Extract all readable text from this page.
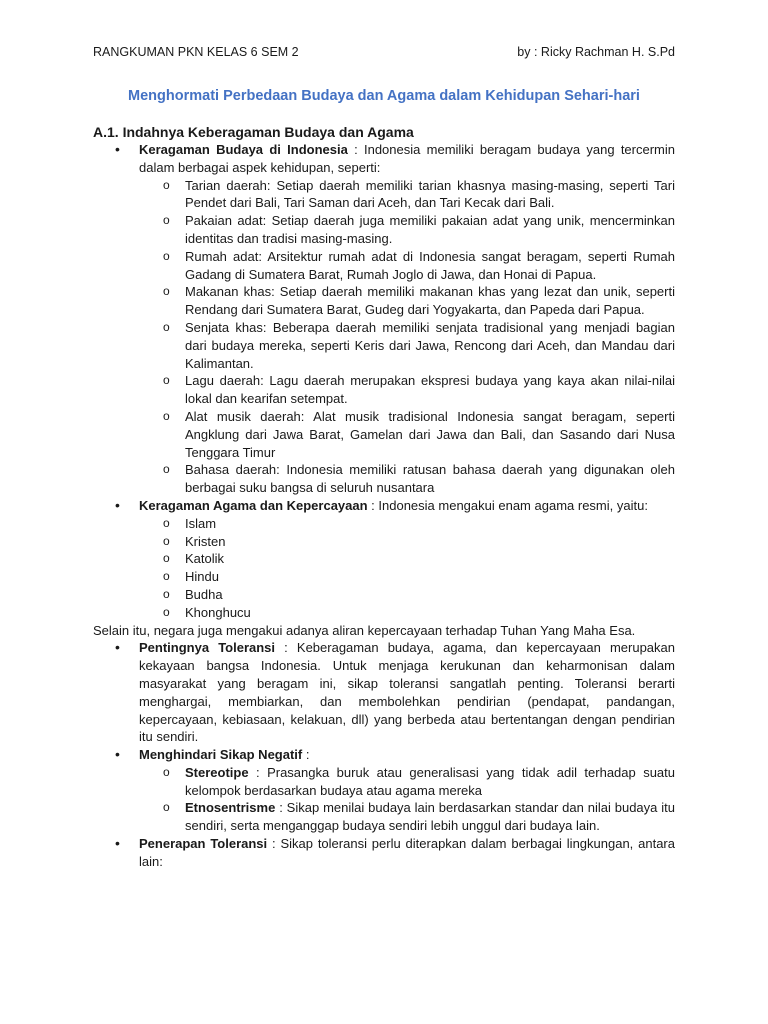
RANGKUMAN PKN KELAS 6 SEM 2	by : Ricky Rachman H. S.Pd
Menghormati Perbedaan Budaya dan Agama dalam Kehidupan Sehari-hari

A.1. Indahnya Keberagaman Budaya dan Agama

• Keragaman Budaya di Indonesia : Indonesia memiliki beragam budaya yang tercermin dalam berbagai aspek kehidupan, seperti:
o Tarian daerah: Setiap daerah memiliki tarian khasnya masing-masing, seperti Tari Pendet dari Bali, Tari Saman dari Aceh, dan Tari Kecak dari Bali.
o Pakaian adat: Setiap daerah juga memiliki pakaian adat yang unik, mencerminkan identitas dan tradisi masing-masing.
o Rumah adat: Arsitektur rumah adat di Indonesia sangat beragam, seperti Rumah Gadang di Sumatera Barat, Rumah Joglo di Jawa, dan Honai di Papua.
o Makanan khas: Setiap daerah memiliki makanan khas yang lezat dan unik, seperti Rendang dari Sumatera Barat, Gudeg dari Yogyakarta, dan Papeda dari Papua.
o Senjata khas: Beberapa daerah memiliki senjata tradisional yang menjadi bagian dari budaya mereka, seperti Keris dari Jawa, Rencong dari Aceh, dan Mandau dari Kalimantan.
o Lagu daerah: Lagu daerah merupakan ekspresi budaya yang kaya akan nilai-nilai lokal dan kearifan setempat.
o Alat musik daerah: Alat musik tradisional Indonesia sangat beragam, seperti Angklung dari Jawa Barat, Gamelan dari Jawa dan Bali, dan Sasando dari Nusa Tenggara Timur
o Bahasa daerah: Indonesia memiliki ratusan bahasa daerah yang digunakan oleh berbagai suku bangsa di seluruh nusantara
• Keragaman Agama dan Kepercayaan : Indonesia mengakui enam agama resmi, yaitu:
o Islam
o Kristen
o Katolik
o Hindu
o Budha
o Khonghucu

Selain itu, negara juga mengakui adanya aliran kepercayaan terhadap Tuhan Yang Maha Esa.

• Pentingnya Toleransi : Keberagaman budaya, agama, dan kepercayaan merupakan kekayaan bangsa Indonesia. Untuk menjaga kerukunan dan keharmonisan dalam masyarakat yang beragam ini, sikap toleransi sangatlah penting. Toleransi berarti menghargai, membiarkan, dan membolehkan pendirian (pendapat, pandangan, kepercayaan, kebiasaan, kelakuan, dll) yang berbeda atau bertentangan dengan pendirian itu sendiri.
• Menghindari Sikap Negatif :
o Stereotipe : Prasangka buruk atau generalisasi yang tidak adil terhadap suatu kelompok berdasarkan budaya atau agama mereka
o Etnosentrisme : Sikap menilai budaya lain berdasarkan standar dan nilai budaya itu sendiri, serta menganggap budaya sendiri lebih unggul dari budaya lain.
• Penerapan Toleransi : Sikap toleransi perlu diterapkan dalam berbagai lingkungan, antara lain:
